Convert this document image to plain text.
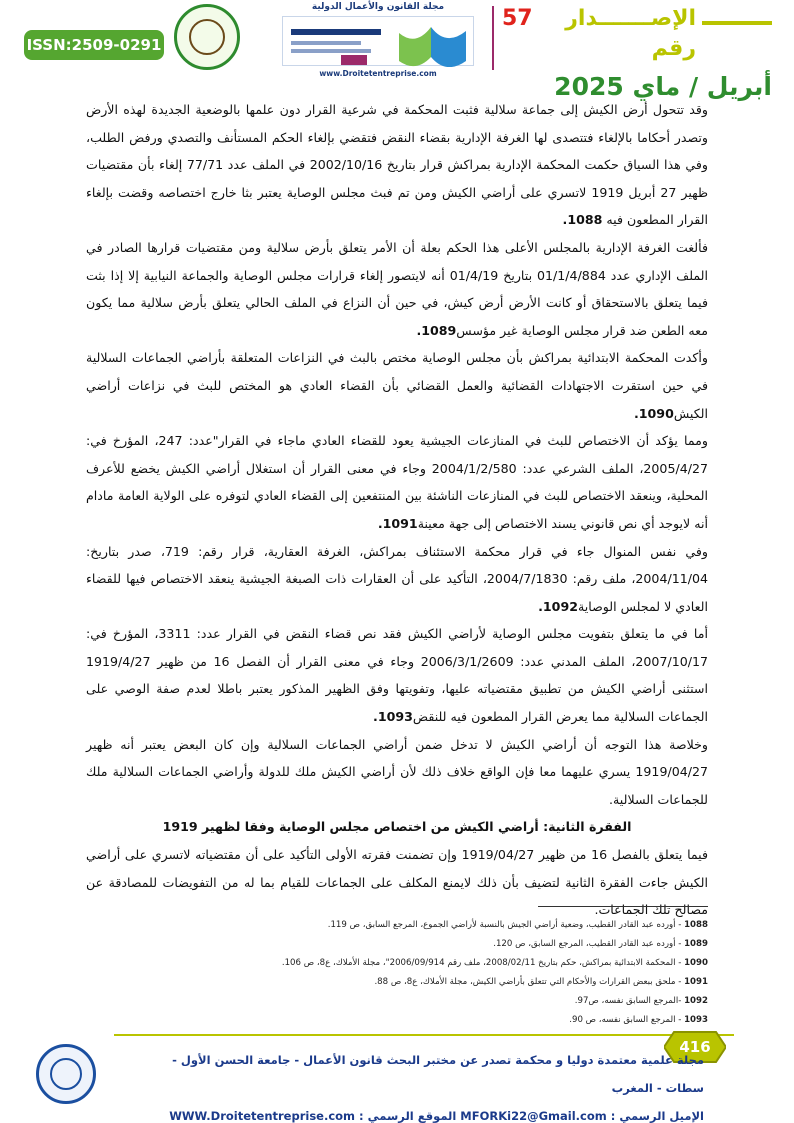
الإصـــــــدار رقم
57
أبريل / ماي 2025
مجلة القانون والأعمال الدولية
www.Droitetentreprise.com
ISSN:2509-0291

وقد تتحول أرض الكيش إلى جماعة سلالية فثبت المحكمة في شرعية القرار دون علمها بالوضعية الجديدة لهذه الأرض وتصدر أحكاما بالإلغاء فتتصدى لها الغرفة الإدارية بقضاء النقض فتقضي بإلغاء الحكم المستأنف والتصدي ورفض الطلب، وفي هذا السياق حكمت المحكمة الإدارية بمراكش قرار بتاريخ 2002/10/16 في الملف عدد 77/71 إلغاء بأن مقتضيات ظهير 27 أبريل 1919 لاتسري على أراضي الكيش ومن تم فبث مجلس الوصاية يعتبر بثا خارج اختصاصه وقضت بإلغاء القرار المطعون فيه 1088.

فألغت الغرفة الإدارية بالمجلس الأعلى هذا الحكم بعلة أن الأمر يتعلق بأرض سلالية ومن مقتضيات قرارها الصادر في الملف الإداري عدد 01/1/4/884 بتاريخ 01/4/19 أنه لايتصور إلغاء قرارات مجلس الوصاية والجماعة النيابية إلا إذا بثت فيما يتعلق بالاستحقاق أو كانت الأرض أرض كيش، في حين أن النزاع في الملف الحالي يتعلق بأرض سلالية مما يكون معه الطعن ضد قرار مجلس الوصاية غير مؤسس1089.

وأكدت المحكمة الابتدائية بمراكش بأن مجلس الوصاية مختص بالبث في النزاعات المتعلقة بأراضي الجماعات السلالية في حين استقرت الاجتهادات القضائية والعمل القضائي بأن القضاء العادي هو المختص للبث في نزاعات أراضي الكيش1090.

ومما يؤكد أن الاختصاص للبث في المنازعات الجيشية يعود للقضاء العادي ماجاء في القرار"عدد: 247، المؤرخ في: 2005/4/27، الملف الشرعي عدد: 2004/1/2/580 وجاء في معنى القرار أن استغلال أراضي الكيش يخضع للأعرف المحلية، وينعقد الاختصاص للبث في المنازعات الناشئة بين المنتفعين إلى القضاء العادي لتوفره على الولاية العامة مادام أنه لايوجد أي نص قانوني يسند الاختصاص إلى جهة معينة1091.

وفي نفس المنوال جاء في قرار محكمة الاستئناف بمراكش، الغرفة العقارية، قرار رقم: 719، صدر بتاريخ: 2004/11/04، ملف رقم: 2004/7/1830، التأكيد على أن العقارات ذات الصبغة الجيشية ينعقد الاختصاص فيها للقضاء العادي لا لمجلس الوصاية1092.

أما في ما يتعلق بتفويت مجلس الوصاية لأراضي الكيش فقد نص قضاء النقض في القرار عدد: 3311، المؤرخ في: 2007/10/17، الملف المدني عدد: 2006/3/1/2609 وجاء في معنى القرار أن الفصل 16 من ظهير 1919/4/27 استثنى أراضي الكيش من تطبيق مقتضياته عليها، وتفويتها وفق الظهير المذكور يعتبر باطلا لعدم صفة الوصي على الجماعات السلالية مما يعرض القرار المطعون فيه للنقض1093.

وخلاصة هذا التوجه أن أراضي الكيش لا تدخل ضمن أراضي الجماعات السلالية وإن كان البعض يعتبر أنه ظهير 1919/04/27 يسري عليهما معا فإن الواقع خلاف ذلك لأن أراضي الكيش ملك للدولة وأراضي الجماعات السلالية ملك للجماعات السلالية.

الفقرة الثانية: أراضي الكيش من اختصاص مجلس الوصاية وفقا لظهير 1919

فيما يتعلق بالفصل 16 من ظهير 1919/04/27 وإن تضمنت فقرته الأولى التأكيد على أن مقتضياته لاتسري على أراضي الكيش جاءت الفقرة الثانية لتضيف بأن ذلك لايمنع المكلف على الجماعات للقيام بما له من التفويضات للمصادقة عن مصالح تلك الجماعات.

1088 - أورده عبد القادر القطيب، وضعية أراضي الجيش بالنسبة لأراضي الجموع، المرجع السابق، ص 119.
1089 - أورده عبد القادر القطيب، المرجع السابق، ص 120.
1090 - المحكمة الابتدائية بمراكش، حكم بتاريخ 2008/02/11، ملف رقم 2006/09/914"، مجلة الأملاك، ع8، ص 106.
1091 - ملحق ببعض القرارات والأحكام التي تتعلق بأراضي الكيش، مجلة الأملاك، ع8، ص 88.
1092 -المرجع السابق نفسه، ص97.
1093 - المرجع السابق نفسه، ص 90.
416
مجلة علمية معتمدة دوليا و محكمة تصدر عن مختبر البحث قانون الأعمال - جامعة الحسن الأول - سطات - المغرب
الإميل الرسمي : MFORKi22@Gmail.com الموقع الرسمي : WWW.Droitetentreprise.com
